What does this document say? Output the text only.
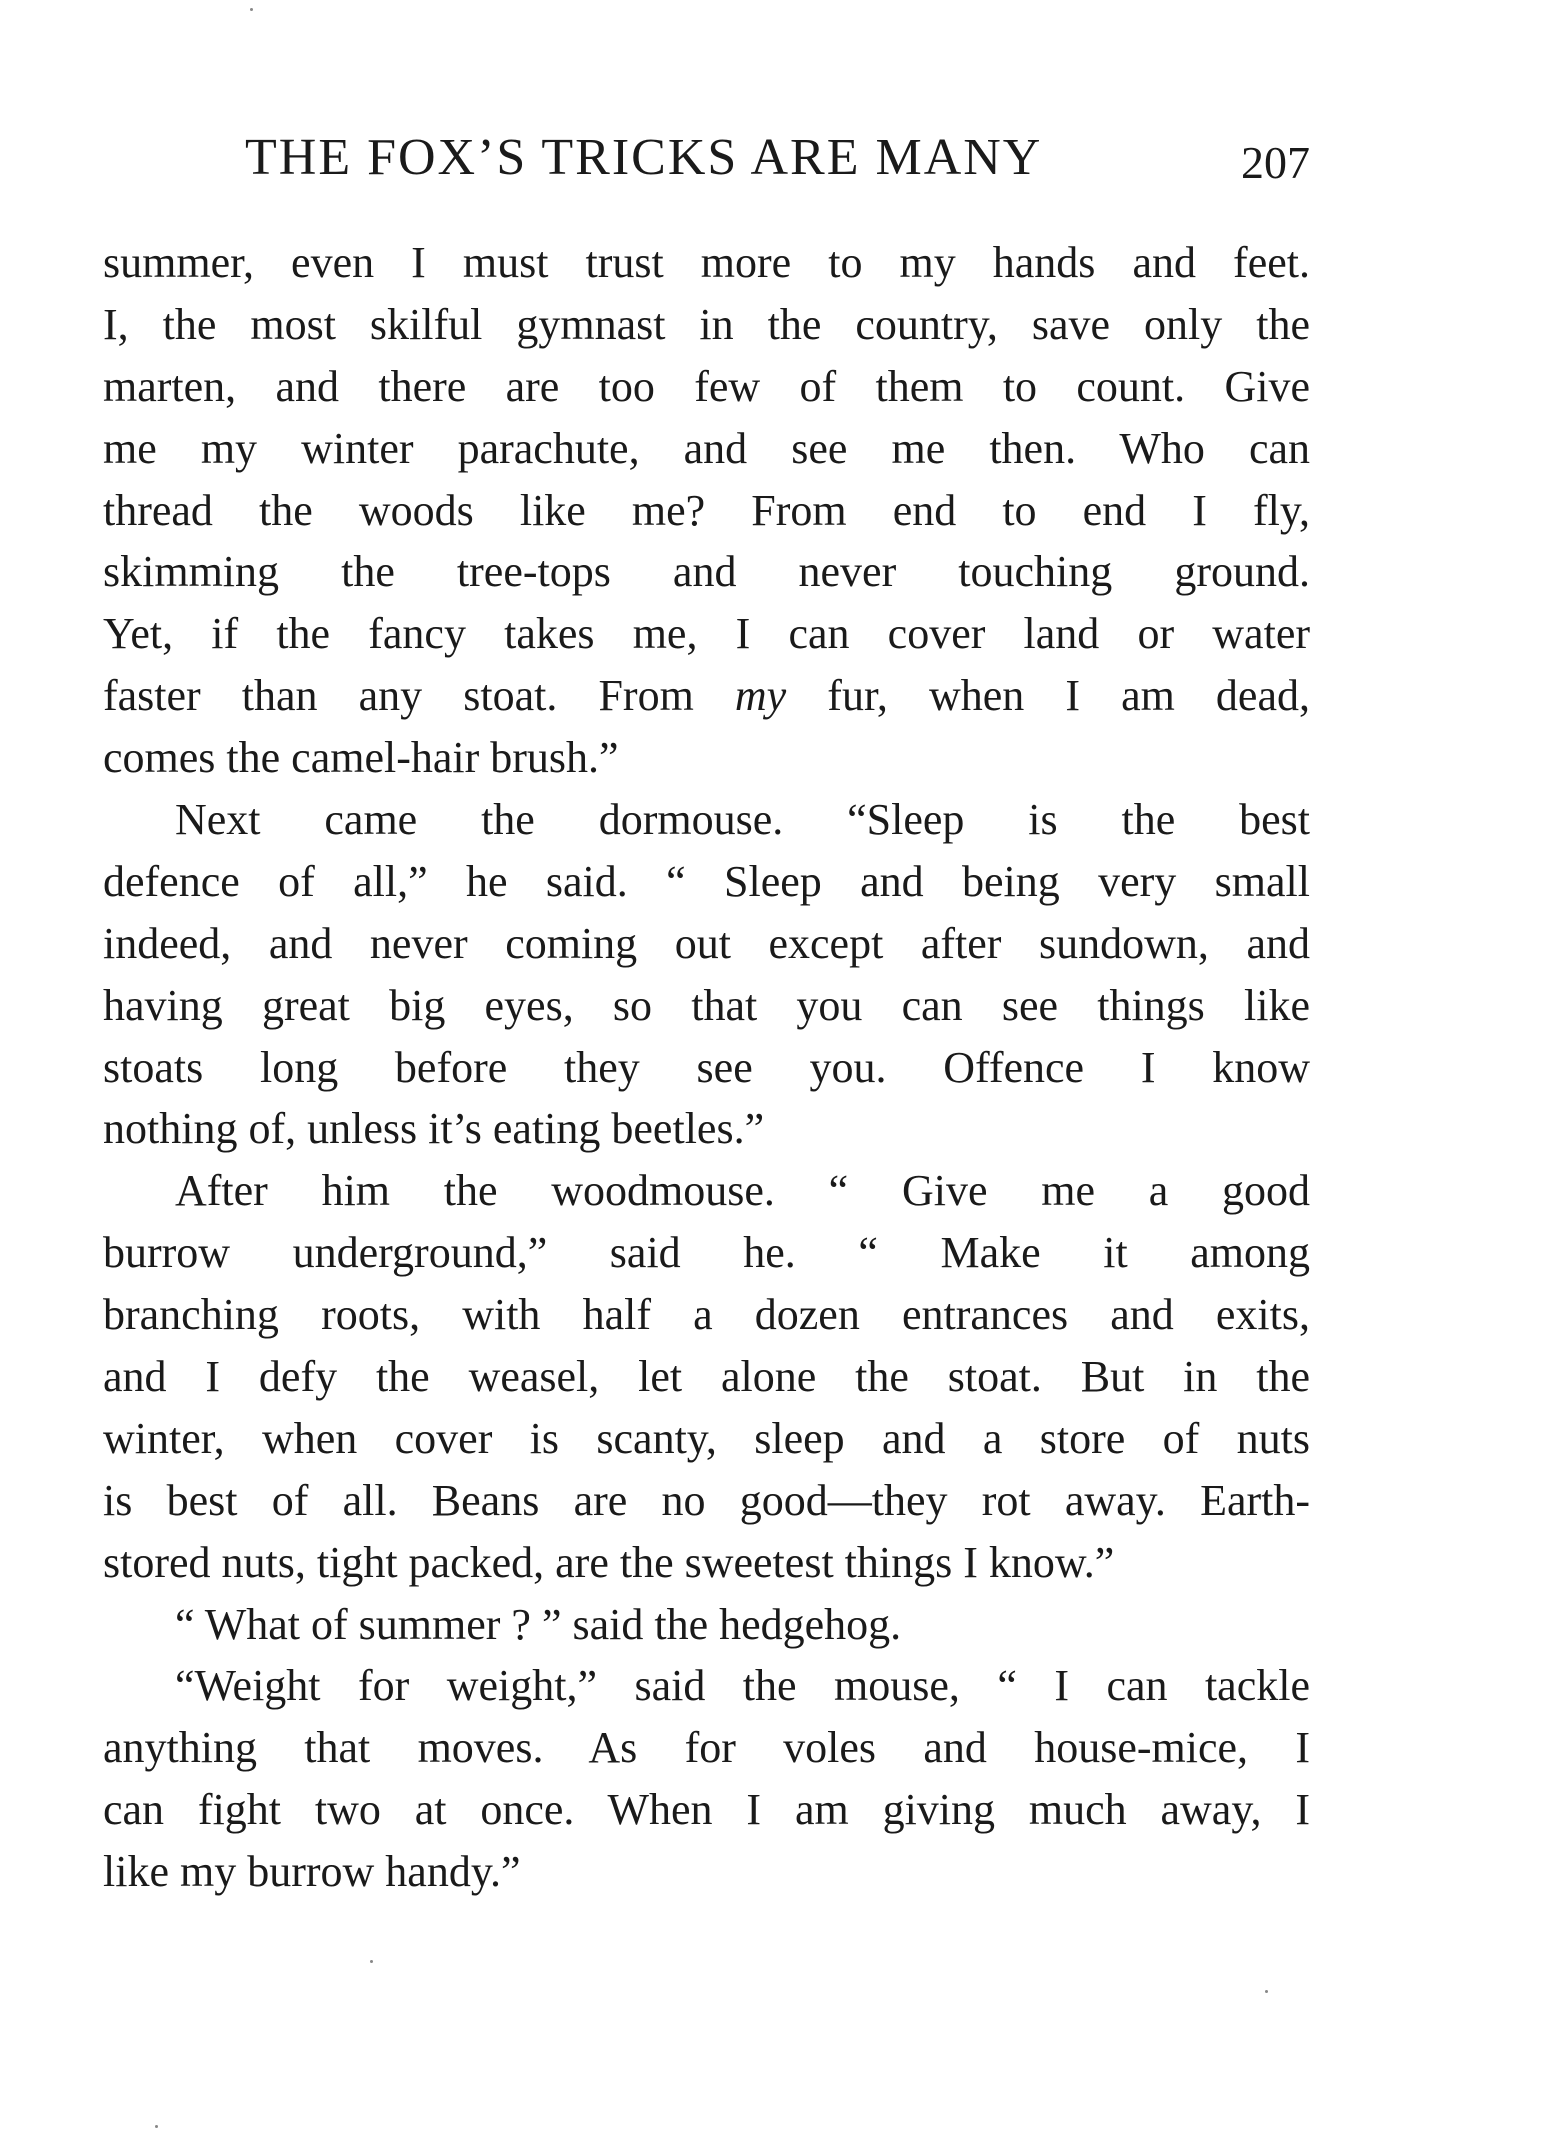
THE FOX’S TRICKS ARE MANY	207
summer, even I must trust more to my hands and feet.
I, the most skilful gymnast in the country, save only the
marten, and there are too few of them to count. Give
me my winter parachute, and see me then. Who can
thread the woods like me? From end to end I fly,
skimming the tree-tops and never touching ground.
Yet, if the fancy takes me, I can cover land or water
faster than any stoat. From my fur, when I am dead,
comes the camel-hair brush.”
Next came the dormouse. “Sleep is the best
defence of all,” he said. “ Sleep and being very small
indeed, and never coming out except after sundown, and
having great big eyes, so that you can see things like
stoats long before they see you. Offence I know
nothing of, unless it’s eating beetles.”
After him the woodmouse. “ Give me a good
burrow underground,” said he. “ Make it among
branching roots, with half a dozen entrances and exits,
and I defy the weasel, let alone the stoat. But in the
winter, when cover is scanty, sleep and a store of nuts
is best of all. Beans are no good—they rot away. Earth-
stored nuts, tight packed, are the sweetest things I know.”
“ What of summer ? ” said the hedgehog.
“Weight for weight,” said the mouse, “ I can tackle
anything that moves. As for voles and house-mice, I
can fight two at once. When I am giving much away, I
like my burrow handy.”
